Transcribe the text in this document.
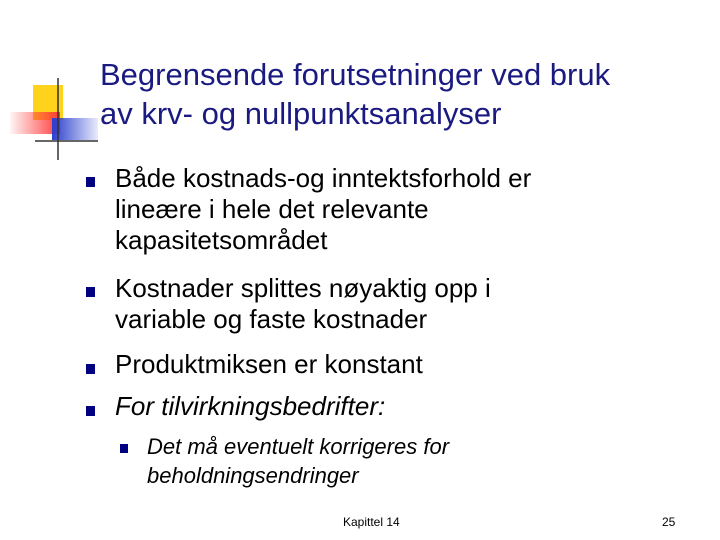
Begrensende forutsetninger ved bruk
av krv- og nullpunktsanalyser
Både kostnads-og inntektsforhold er
lineære i hele det relevante
kapasitetsområdet
Kostnader splittes nøyaktig opp i
variable og faste kostnader
Produktmiksen er konstant
For tilvirkningsbedrifter:
Det må eventuelt korrigeres for
beholdningsendringer
Kapittel 14	25
